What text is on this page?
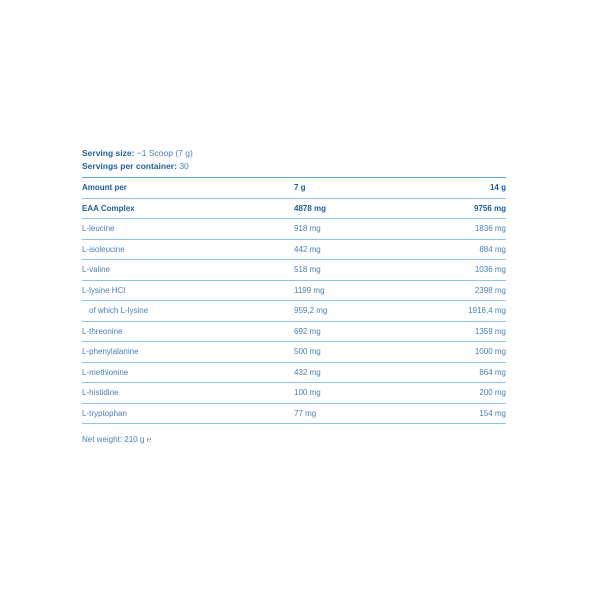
Serving size: ~1 Scoop (7 g)
Servings per container: 30
Amount per	7 g	14 g
EAA Complex	4878 mg	9756 mg
L-leucine	918 mg	1836 mg
L-isoleucine	442 mg	884 mg
L-valine	518 mg	1036 mg
L-lysine HCl	1199 mg	2398 mg
of which L-lysine	959,2 mg	1918,4 mg
L-threonine	692 mg	1359 mg
L-phenylalanine	500 mg	1000 mg
L-methionine	432 mg	864 mg
L-histidine	100 mg	200 mg
L-tryptophan	77 mg	154 mg
Net weight: 210 g ℮
